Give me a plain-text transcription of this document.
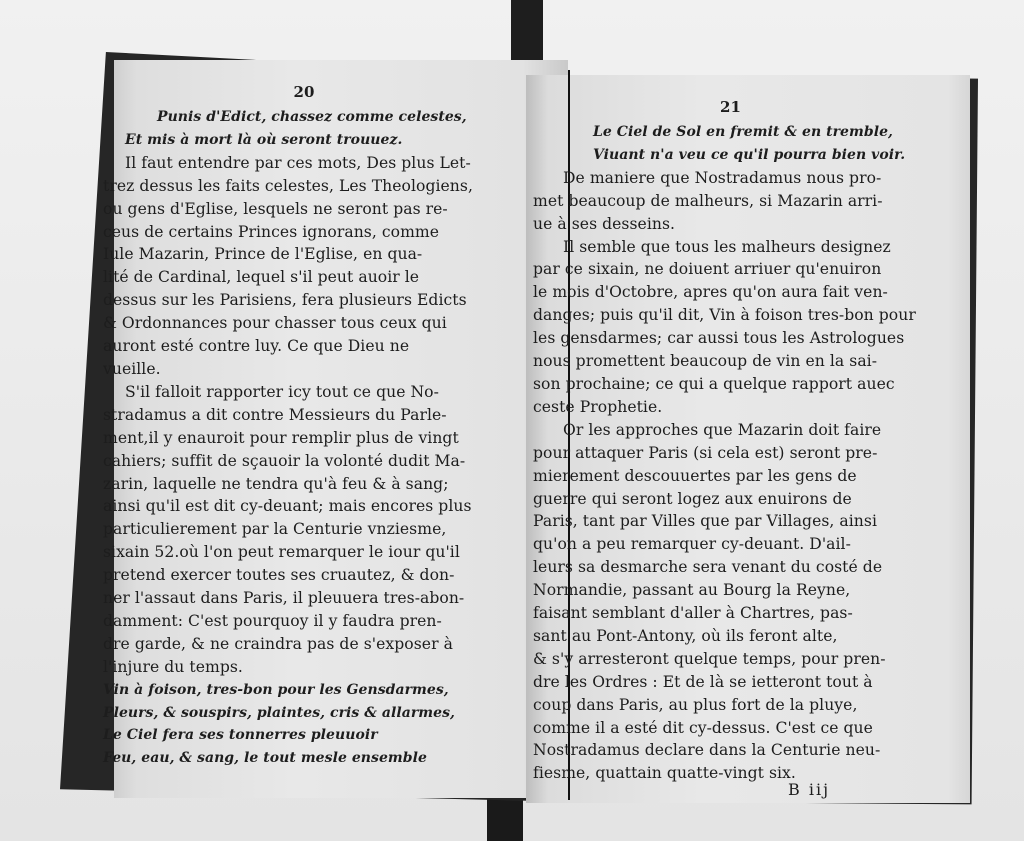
20
Punis d'Edict, chassez comme celestes,
Et mis à mort là où seront trouuez.
Il faut entendre par ces mots, Des plus Let-
trez dessus les faits celestes, Les Theologiens,
ou gens d'Eglise, lesquels ne seront pas re-
ceus de certains Princes ignorans, comme
Iule Mazarin, Prince de l'Eglise, en qua-
lité de Cardinal, lequel s'il peut auoir le
dessus sur les Parisiens, fera plusieurs Edicts
& Ordonnances pour chasser tous ceux qui
auront esté contre luy. Ce que Dieu ne
vueille.
S'il falloit rapporter icy tout ce que No-
stradamus a dit contre Messieurs du Parle-
ment,il y enauroit pour remplir plus de vingt
cahiers; suffit de sçauoir la volonté dudit Ma-
zarin, laquelle ne tendra qu'à feu & à sang;
ainsi qu'il est dit cy-deuant; mais encores plus
particulierement par la Centurie vnziesme,
sixain 52.où l'on peut remarquer le iour qu'il
pretend exercer toutes ses cruautez, & don-
ner l'assaut dans Paris, il pleuuera tres-abon-
damment: C'est pourquoy il y faudra pren-
dre garde, & ne craindra pas de s'exposer à
l'injure du temps.
Vin à foison, tres-bon pour les Gensdarmes,
Pleurs, & souspirs, plaintes, cris & allarmes,
Le Ciel fera ses tonnerres pleuuoir
Feu, eau, & sang, le tout mesle ensemble
21
Le Ciel de Sol en fremit & en tremble,
Viuant n'a veu ce qu'il pourra bien voir.
De maniere que Nostradamus nous pro-
met beaucoup de malheurs, si Mazarin arri-
ue à ses desseins.
Il semble que tous les malheurs designez
par ce sixain, ne doiuent arriuer qu'enuiron
le mois d'Octobre, apres qu'on aura fait ven-
danges; puis qu'il dit, Vin à foison tres-bon pour
les gensdarmes; car aussi tous les Astrologues
nous promettent beaucoup de vin en la sai-
son prochaine; ce qui a quelque rapport auec
ceste Prophetie.
Or les approches que Mazarin doit faire
pour attaquer Paris (si cela est) seront pre-
mierement descouuertes par les gens de
guerre qui seront logez aux enuirons de
Paris, tant par Villes que par Villages, ainsi
qu'on a peu remarquer cy-deuant. D'ail-
leurs sa desmarche sera venant du costé de
Normandie, passant au Bourg la Reyne,
faisant semblant d'aller à Chartres, pas-
sant au Pont-Antony, où ils feront alte,
& s'y arresteront quelque temps, pour pren-
dre les Ordres : Et de là se ietteront tout à
coup dans Paris, au plus fort de la pluye,
comme il a esté dit cy-dessus. C'est ce que
Nostradamus declare dans la Centurie neu-
fiesme, quattain quatte-vingt six.
B iij
